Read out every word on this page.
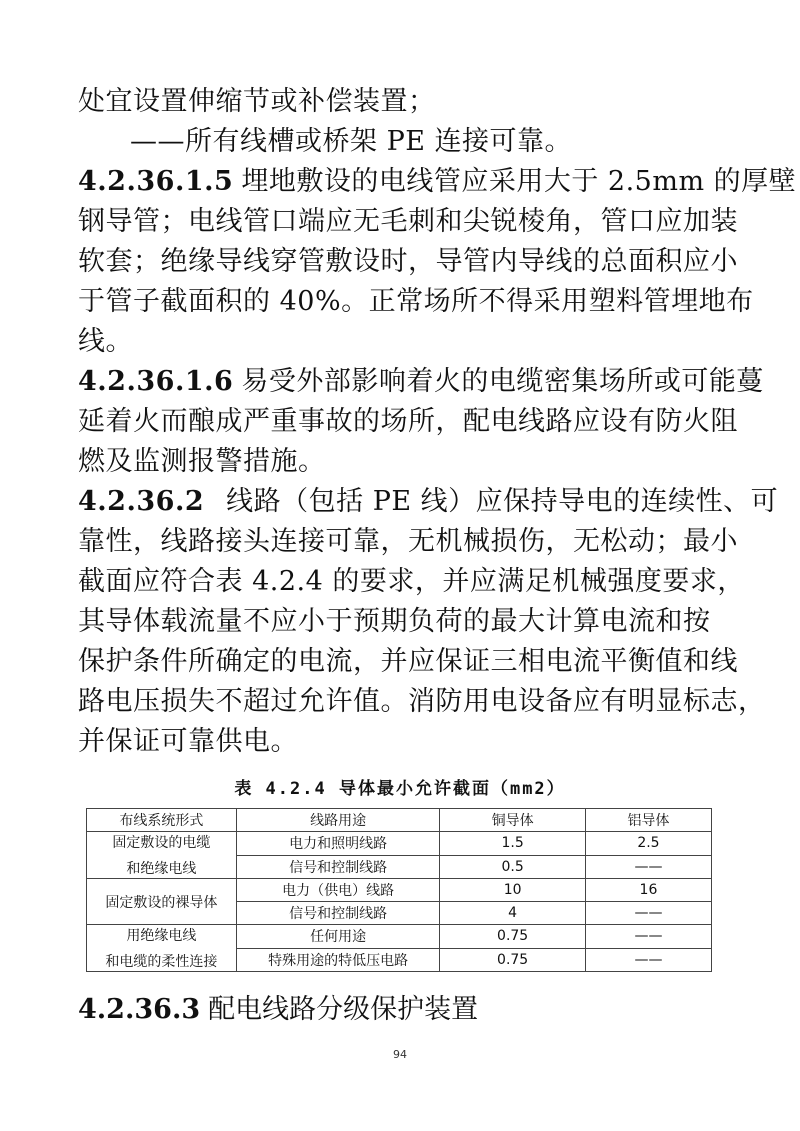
处宜设置伸缩节或补偿装置；
——所有线槽或桥架 PE 连接可靠。
4.2.36.1.5 埋地敷设的电线管应采用大于 2.5mm 的厚壁
钢导管；电线管口端应无毛刺和尖锐棱角，管口应加装
软套；绝缘导线穿管敷设时，导管内导线的总面积应小
于管子截面积的 40%。正常场所不得采用塑料管埋地布
线。
4.2.36.1.6 易受外部影响着火的电缆密集场所或可能蔓
延着火而酿成严重事故的场所，配电线路应设有防火阻
燃及监测报警措施。
4.2.36.2 线路（包括 PE 线）应保持导电的连续性、可
靠性，线路接头连接可靠，无机械损伤，无松动；最小
截面应符合表 4.2.4 的要求，并应满足机械强度要求，
其导体载流量不应小于预期负荷的最大计算电流和按
保护条件所确定的电流，并应保证三相电流平衡值和线
路电压损失不超过允许值。消防用电设备应有明显标志，
并保证可靠供电。
表 4.2.4 导体最小允许截面（mm2）
布线系统形式	线路用途	铜导体	铝导体

固定敷设的电缆
和绝缘电线	电力和照明线路	1.5	2.5
	信号和控制线路	0.5	——
固定敷设的裸导体	电力（供电）线路	10	16
	信号和控制线路	4	——

用绝缘电线
和电缆的柔性连接	任何用途	0.75	——
	特殊用途的特低压电路	0.75	——
4.2.36.3 配电线路分级保护装置
94
